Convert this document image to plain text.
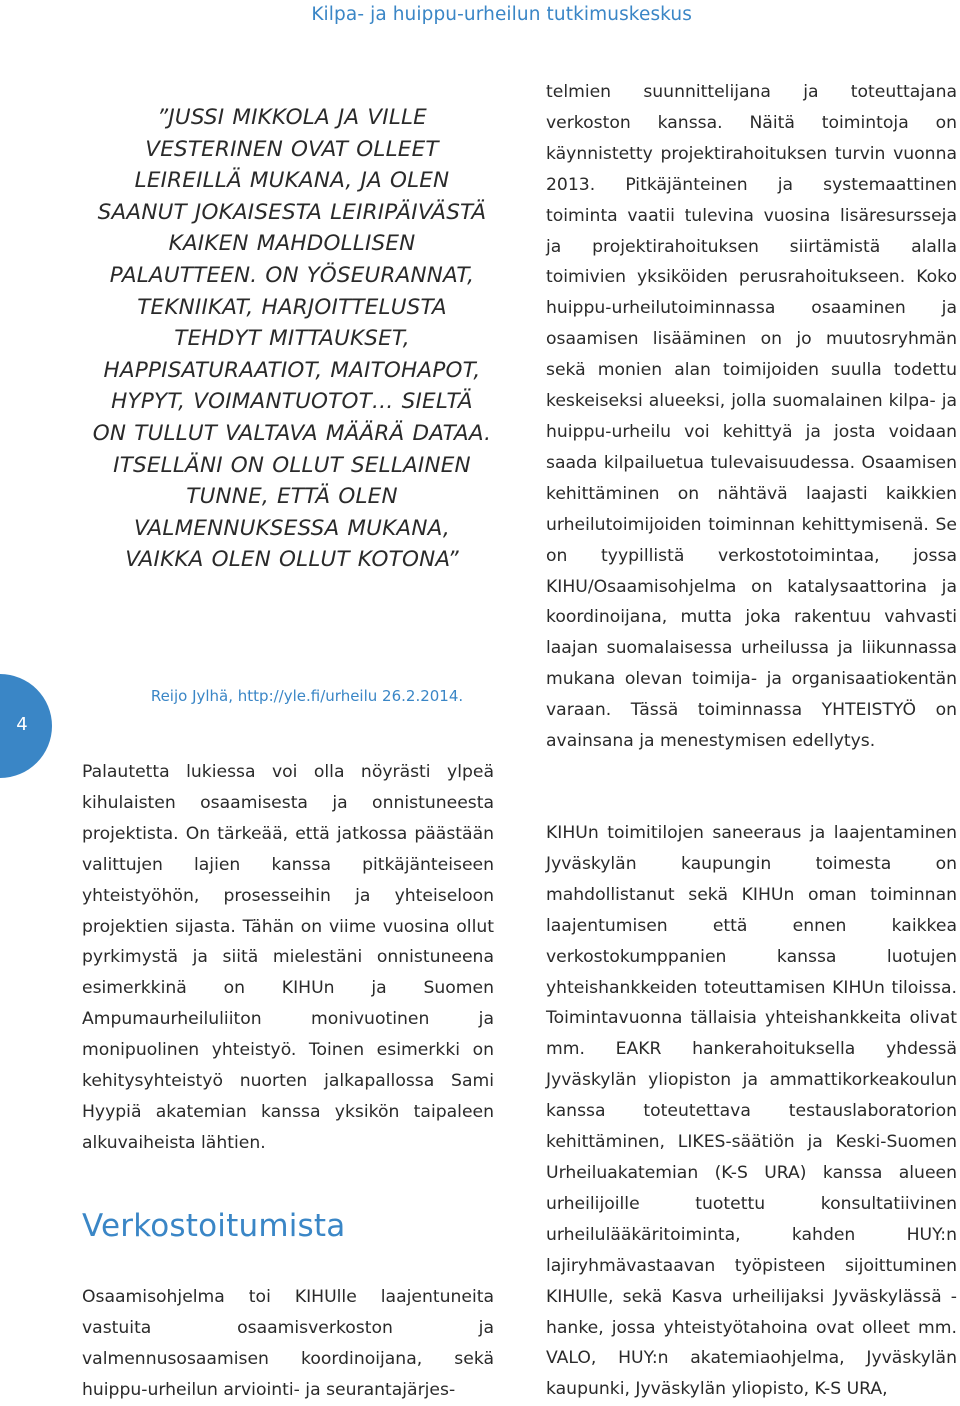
Kilpa- ja huippu-urheilun tutkimuskeskus
4
”JUSSI MIKKOLA JA VILLE VESTERINEN OVAT OLLEET LEIREILLÄ MUKANA, JA OLEN SAANUT JOKAISESTA LEIRIPÄIVÄSTÄ KAIKEN MAHDOLLISEN PALAUTTEEN. ON YÖSEURANNAT, TEKNIIKAT, HARJOITTELUSTA TEHDYT MITTAUKSET, HAPPISATURAATIOT, MAITOHAPOT, HYPYT, VOIMANTUOTOT… SIELTÄ ON TULLUT VALTAVA MÄÄRÄ DATAA. ITSELLÄNI ON OLLUT SELLAINEN TUNNE, ETTÄ OLEN VALMENNUKSESSA MUKANA, VAIKKA OLEN OLLUT KOTONA”
Reijo Jylhä, http://yle.fi/urheilu 26.2.2014.
Palautetta lukiessa voi olla nöyrästi ylpeä kihulaisten osaamisesta ja onnistuneesta projektista. On tärkeää, että jatkossa päästään valittujen lajien kanssa pitkäjänteiseen yhteistyöhön, prosesseihin ja yhteiseloon projektien sijasta. Tähän on viime vuosina ollut pyrkimystä ja siitä mielestäni onnistuneena esimerkkinä on KIHUn ja Suomen Ampumaurheiluliiton monivuotinen ja monipuolinen yhteistyö. Toinen esimerkki on kehitysyhteistyö nuorten jalkapallossa Sami Hyypiä akatemian kanssa yksikön taipaleen alkuvaiheista lähtien.
Verkostoitumista
Osaamisohjelma toi KIHUlle laajentuneita vastuita osaamisverkoston ja valmennusosaamisen koordinoijana, sekä huippu-urheilun arviointi- ja seurantajärjes-
telmien suunnittelijana ja toteuttajana verkoston kanssa. Näitä toimintoja on käynnistetty projektirahoituksen turvin vuonna 2013. Pitkäjänteinen ja systemaattinen toiminta vaatii tulevina vuosina lisäresursseja ja projektirahoituksen siirtämistä alalla toimivien yksiköiden perusrahoitukseen. Koko huippu-urheilutoiminnassa osaaminen ja osaamisen lisääminen on jo muutosryhmän sekä monien alan toimijoiden suulla todettu keskeiseksi alueeksi, jolla suomalainen kilpa- ja huippu-urheilu voi kehittyä ja josta voidaan saada kilpailuetua tulevaisuudessa. Osaamisen kehittäminen on nähtävä laajasti kaikkien urheilutoimijoiden toiminnan kehittymisenä. Se on tyypillistä verkostotoimintaa, jossa KIHU/Osaamisohjelma on katalysaattorina ja koordinoijana, mutta joka rakentuu vahvasti laajan suomalaisessa urheilussa ja liikunnassa mukana olevan toimija- ja organisaatiokentän varaan. Tässä toiminnassa YHTEISTYÖ on avainsana ja menestymisen edellytys.
KIHUn toimitilojen saneeraus ja laajentaminen Jyväskylän kaupungin toimesta on mahdollistanut sekä KIHUn oman toiminnan laajentumisen että ennen kaikkea verkostokumppanien kanssa luotujen yhteishankkeiden toteuttamisen KIHUn tiloissa. Toimintavuonna tällaisia yhteishankkeita olivat mm. EAKR hankerahoituksella yhdessä Jyväskylän yliopiston ja ammattikorkeakoulun kanssa toteutettava testauslaboratorion kehittäminen, LIKES-säätiön ja Keski-Suomen Urheiluakatemian (K-S URA) kanssa alueen urheilijoille tuotettu konsultatiivinen urheilulääkäritoiminta, kahden HUY:n lajiryhmävastaavan työpisteen sijoittuminen KIHUlle, sekä Kasva urheilijaksi Jyväskylässä -hanke, jossa yhteistyötahoina ovat olleet mm. VALO, HUY:n akatemiaohjelma, Jyväskylän kaupunki, Jyväskylän yliopisto, K-S URA,
